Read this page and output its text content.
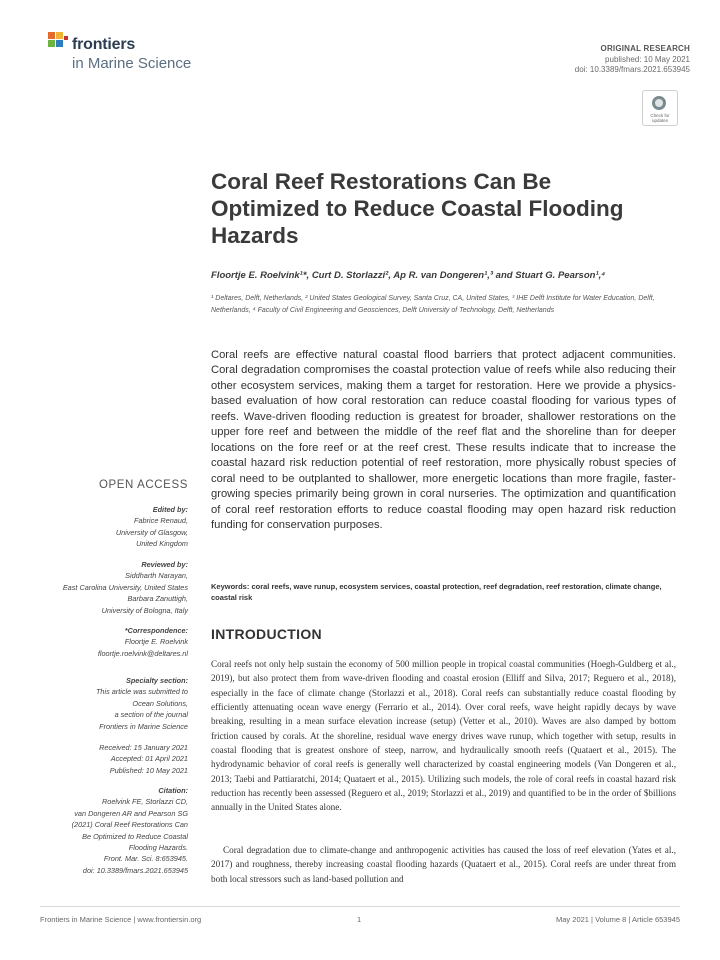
frontiers
in Marine Science
ORIGINAL RESEARCH
published: 10 May 2021
doi: 10.3389/fmars.2021.653945
Check for updates
Coral Reef Restorations Can Be Optimized to Reduce Coastal Flooding Hazards
Floortje E. Roelvink¹*, Curt D. Storlazzi², Ap R. van Dongeren¹,³ and Stuart G. Pearson¹,⁴
¹ Deltares, Delft, Netherlands, ² United States Geological Survey, Santa Cruz, CA, United States, ³ IHE Delft Institute for Water Education, Delft, Netherlands, ⁴ Faculty of Civil Engineering and Geosciences, Delft University of Technology, Delft, Netherlands
Coral reefs are effective natural coastal flood barriers that protect adjacent communities. Coral degradation compromises the coastal protection value of reefs while also reducing their other ecosystem services, making them a target for restoration. Here we provide a physics-based evaluation of how coral restoration can reduce coastal flooding for various types of reefs. Wave-driven flooding reduction is greatest for broader, shallower restorations on the upper fore reef and between the middle of the reef flat and the shoreline than for deeper locations on the fore reef or at the reef crest. These results indicate that to increase the coastal hazard risk reduction potential of reef restoration, more physically robust species of coral need to be outplanted to shallower, more energetic locations than more fragile, faster-growing species primarily being grown in coral nurseries. The optimization and quantification of coral reef restoration efforts to reduce coastal flooding may open hazard risk reduction funding for conservation purposes.
Keywords: coral reefs, wave runup, ecosystem services, coastal protection, reef degradation, reef restoration, climate change, coastal risk
OPEN ACCESS
Edited by:
Fabrice Renaud,
University of Glasgow,
United Kingdom
Reviewed by:
Siddharth Narayan,
East Carolina University, United States
Barbara Zanuttigh,
University of Bologna, Italy
*Correspondence:
Floortje E. Roelvink
floortje.roelvink@deltares.nl
Specialty section:
This article was submitted to
Ocean Solutions,
a section of the journal
Frontiers in Marine Science
Received: 15 January 2021
Accepted: 01 April 2021
Published: 10 May 2021
Citation:
Roelvink FE, Storlazzi CD,
van Dongeren AR and Pearson SG
(2021) Coral Reef Restorations Can
Be Optimized to Reduce Coastal
Flooding Hazards.
Front. Mar. Sci. 8:653945.
doi: 10.3389/fmars.2021.653945
INTRODUCTION
Coral reefs not only help sustain the economy of 500 million people in tropical coastal communities (Hoegh-Guldberg et al., 2019), but also protect them from wave-driven flooding and coastal erosion (Elliff and Silva, 2017; Reguero et al., 2018), especially in the face of climate change (Storlazzi et al., 2018). Coral reefs can substantially reduce coastal flooding by efficiently attenuating ocean wave energy (Ferrario et al., 2014). Over coral reefs, wave height rapidly decays by wave breaking, resulting in a mean surface elevation increase (setup) (Vetter et al., 2010). Waves are also damped by bottom friction caused by corals. At the shoreline, residual wave energy drives wave runup, which together with setup, results in coastal flooding that is greatest onshore of steep, narrow, and hydraulically smooth reefs (Quataert et al., 2015). The hydrodynamic behavior of coral reefs is generally well characterized by coastal engineering models (Van Dongeren et al., 2013; Taebi and Pattiaratchi, 2014; Quataert et al., 2015). Utilizing such models, the role of coral reefs in coastal hazard risk reduction has recently been assessed (Reguero et al., 2019; Storlazzi et al., 2019) and quantified to be in the order of $billions annually in the United States alone.
Coral degradation due to climate-change and anthropogenic activities has caused the loss of reef elevation (Yates et al., 2017) and roughness, thereby increasing coastal flooding hazards (Quataert et al., 2015). Coral reefs are under threat from both local stressors such as land-based pollution and
Frontiers in Marine Science | www.frontiersin.org	1	May 2021 | Volume 8 | Article 653945
